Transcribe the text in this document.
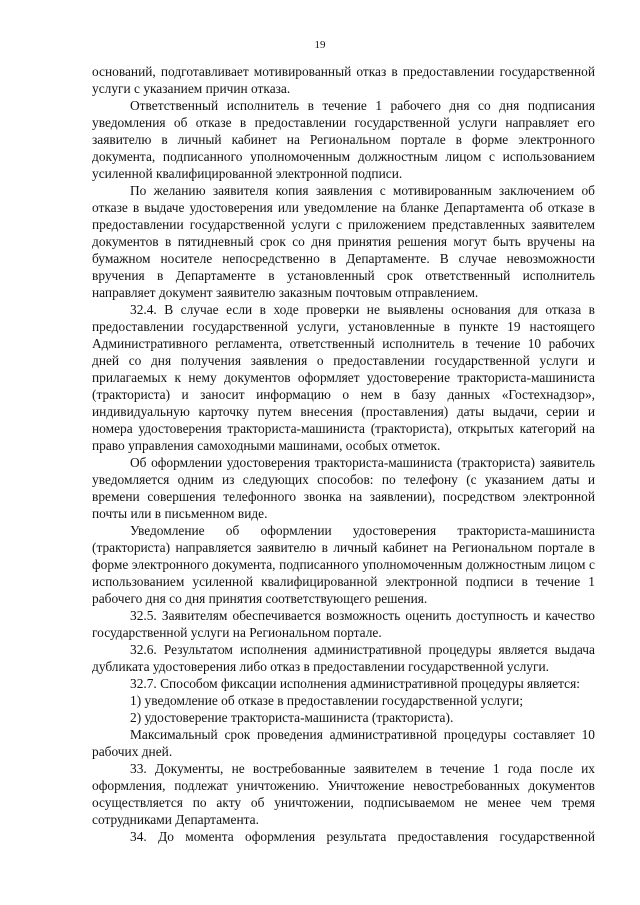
19

оснований, подготавливает мотивированный отказ в предоставлении государственной услуги с указанием причин отказа.

Ответственный исполнитель в течение 1 рабочего дня со дня подписания уведомления об отказе в предоставлении государственной услуги направляет его заявителю в личный кабинет на Региональном портале в форме электронного документа, подписанного уполномоченным должностным лицом с использованием усиленной квалифицированной электронной подписи.

По желанию заявителя копия заявления с мотивированным заключением об отказе в выдаче удостоверения или уведомление на бланке Департамента об отказе в предоставлении государственной услуги с приложением представленных заявителем документов в пятидневный срок со дня принятия решения могут быть вручены на бумажном носителе непосредственно в Департаменте. В случае невозможности вручения в Департаменте в установленный срок ответственный исполнитель направляет документ заявителю заказным почтовым отправлением.

32.4. В случае если в ходе проверки не выявлены основания для отказа в предоставлении государственной услуги, установленные в пункте 19 настоящего Административного регламента, ответственный исполнитель в течение 10 рабочих дней со дня получения заявления о предоставлении государственной услуги и прилагаемых к нему документов оформляет удостоверение тракториста-машиниста (тракториста) и заносит информацию о нем в базу данных «Гостехнадзор», индивидуальную карточку путем внесения (проставления) даты выдачи, серии и номера удостоверения тракториста-машиниста (тракториста), открытых категорий на право управления самоходными машинами, особых отметок.

Об оформлении удостоверения тракториста-машиниста (тракториста) заявитель уведомляется одним из следующих способов: по телефону (с указанием даты и времени совершения телефонного звонка на заявлении), посредством электронной почты или в письменном виде.

Уведомление об оформлении удостоверения тракториста-машиниста (тракториста) направляется заявителю в личный кабинет на Региональном портале в форме электронного документа, подписанного уполномоченным должностным лицом с использованием усиленной квалифицированной электронной подписи в течение 1 рабочего дня со дня принятия соответствующего решения.

32.5. Заявителям обеспечивается возможность оценить доступность и качество государственной услуги на Региональном портале.

32.6. Результатом исполнения административной процедуры является выдача дубликата удостоверения либо отказ в предоставлении государственной услуги.

32.7. Способом фиксации исполнения административной процедуры является:

1) уведомление об отказе в предоставлении государственной услуги;

2) удостоверение тракториста-машиниста (тракториста).

Максимальный срок проведения административной процедуры составляет 10 рабочих дней.

33. Документы, не востребованные заявителем в течение 1 года после их оформления, подлежат уничтожению. Уничтожение невостребованных документов осуществляется по акту об уничтожении, подписываемом не менее чем тремя сотрудниками Департамента.

34. До момента оформления результата предоставления государственной
